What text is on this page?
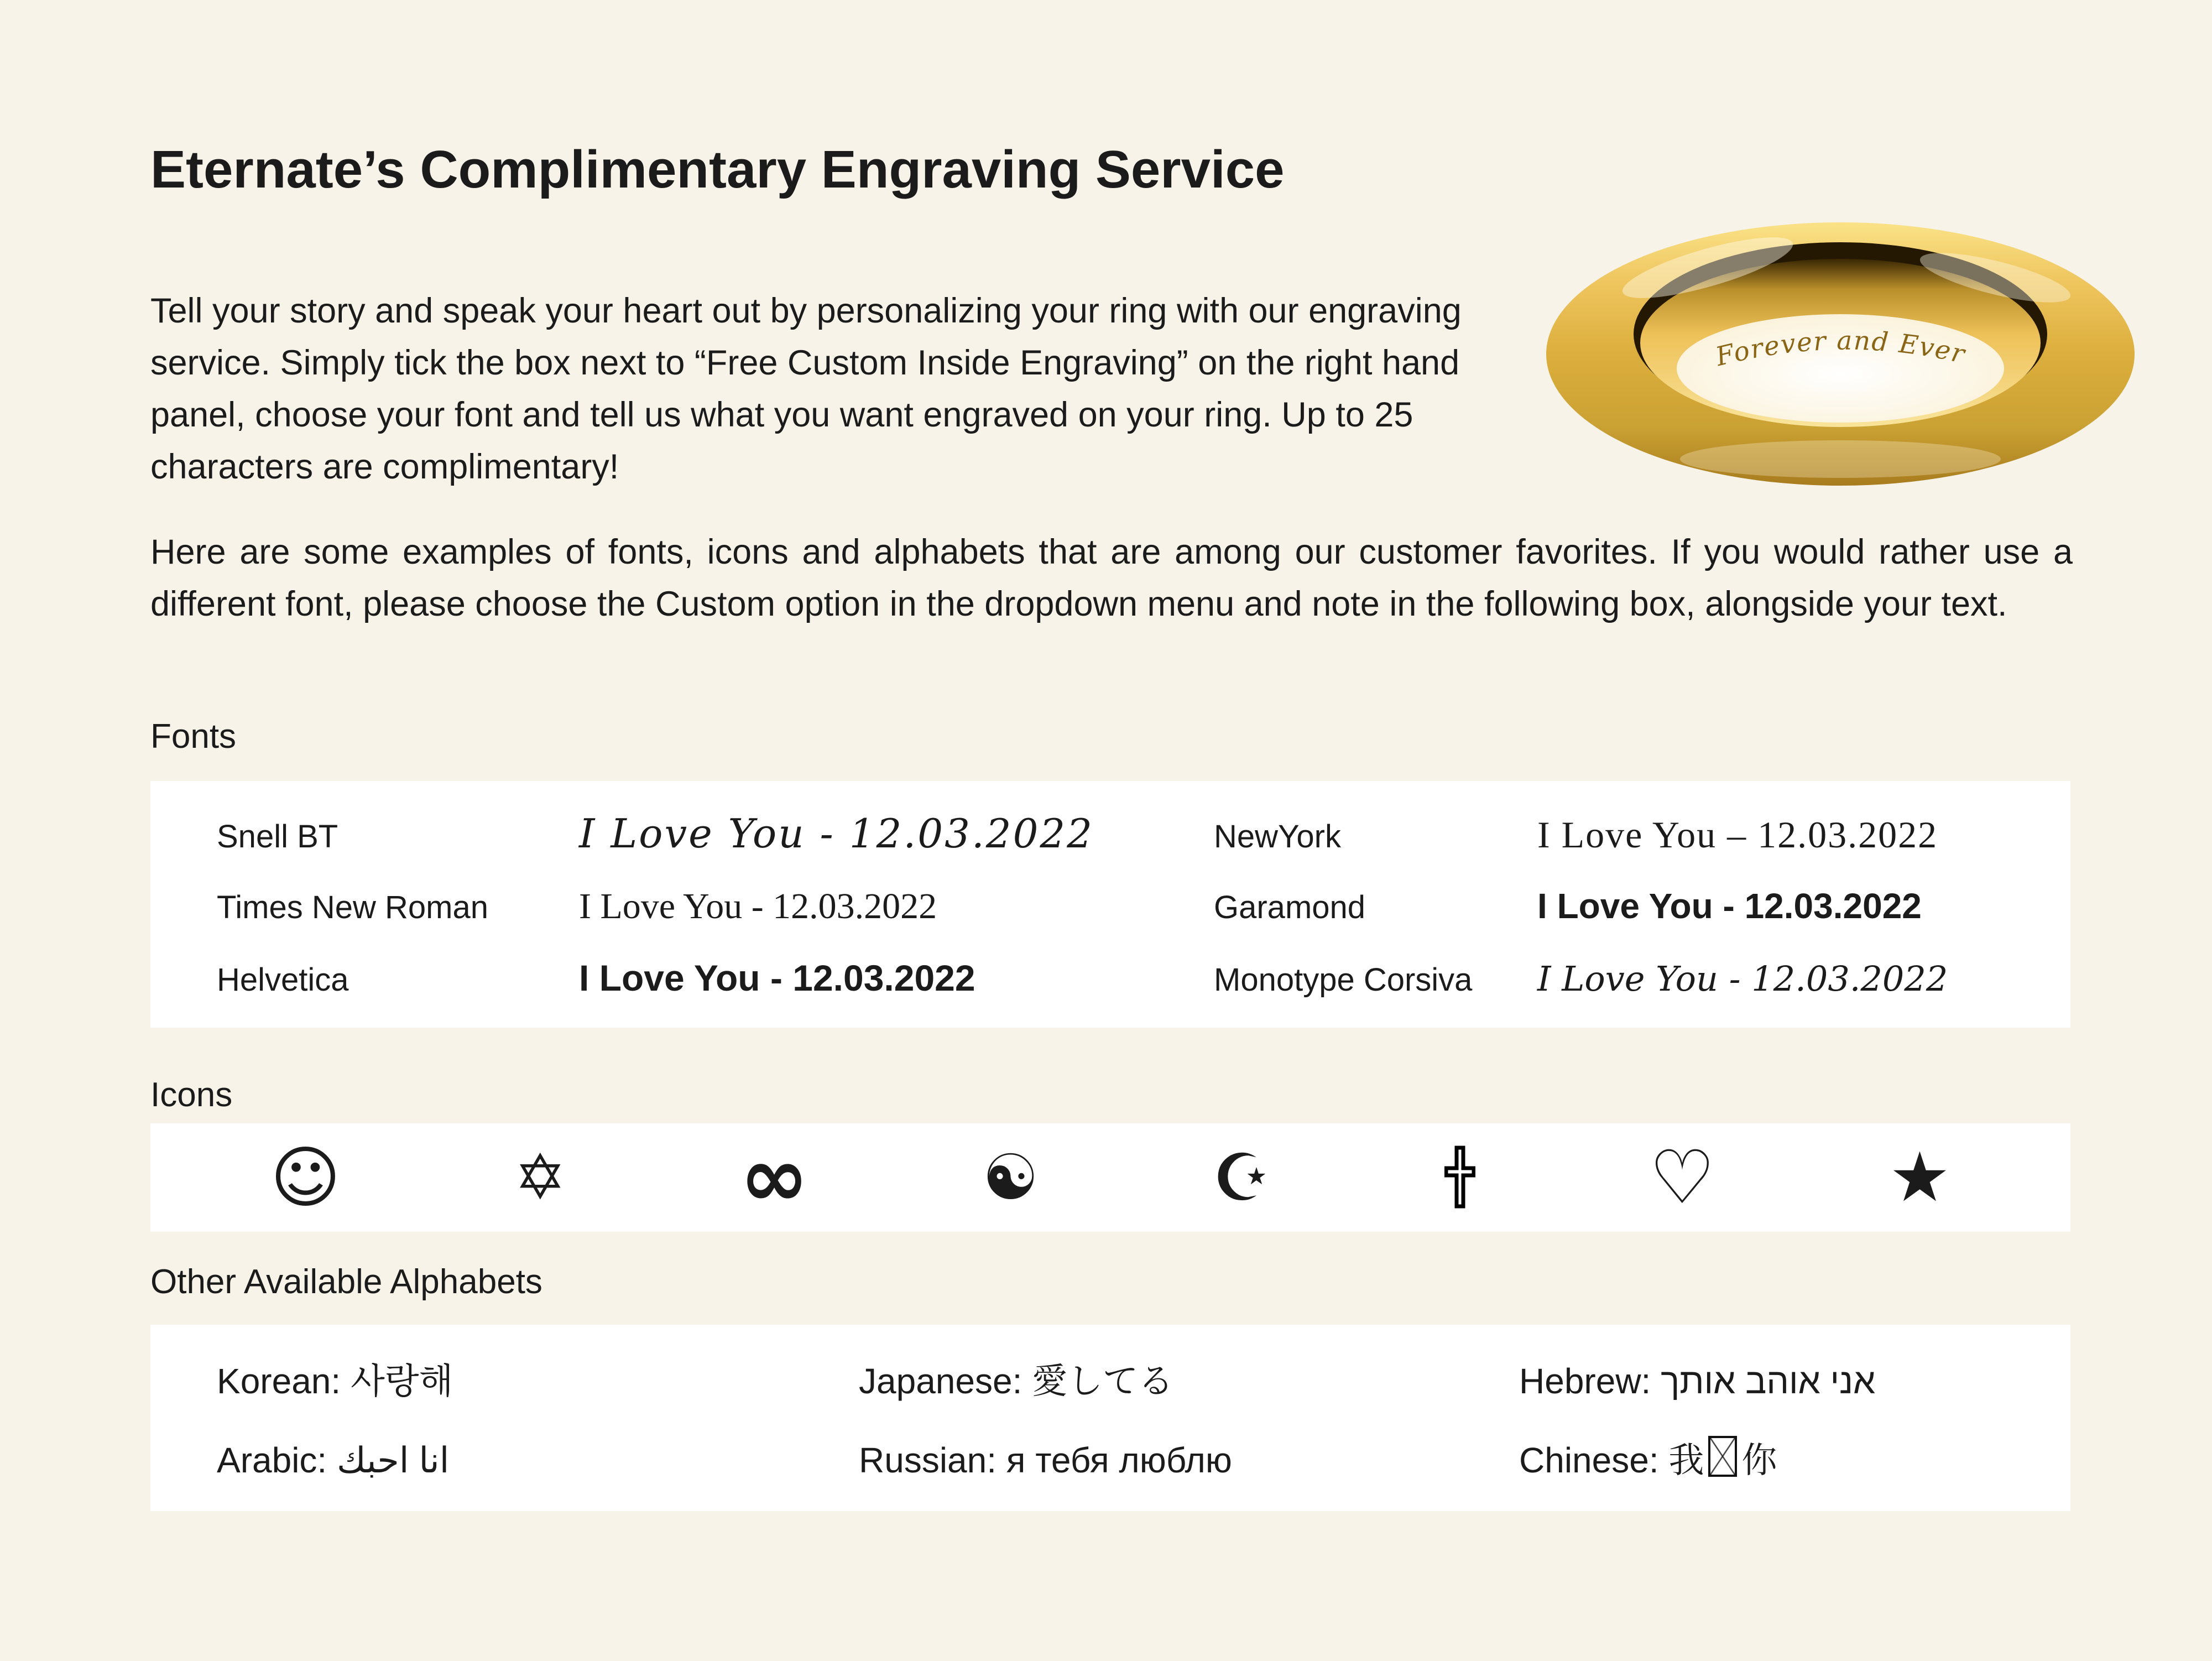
Eternate’s Complimentary Engraving Service

Tell your story and speak your heart out by personalizing your ring with our engraving service. Simply tick the box next to “Free Custom Inside Engraving” on the right hand panel, choose your font and tell us what you want engraved on your ring. Up to 25 characters are complimentary!

Forever and Ever

Here are some examples of fonts, icons and alphabets that are among our customer favorites. If you would rather use a different font, please choose the Custom option in the dropdown menu and note in the following box, alongside your text.

Fonts
Snell BT	I Love You - 12.03.2022	NewYork	I Love You – 12.03.2022
Times New Roman	I Love You - 12.03.2022	Garamond	I Love You - 12.03.2022
Helvetica	I Love You - 12.03.2022	Monotype Corsiva	I Love You - 12.03.2022
Icons
☺	✡ ∞	☯	☪	♡	★
Other Available Alphabets
Korean: 사랑해	Japanese: 愛してる	Hebrew: אני אוהב אותך
Arabic: انا احبك	Russian: я тебя люблю	Chinese: 我 你
